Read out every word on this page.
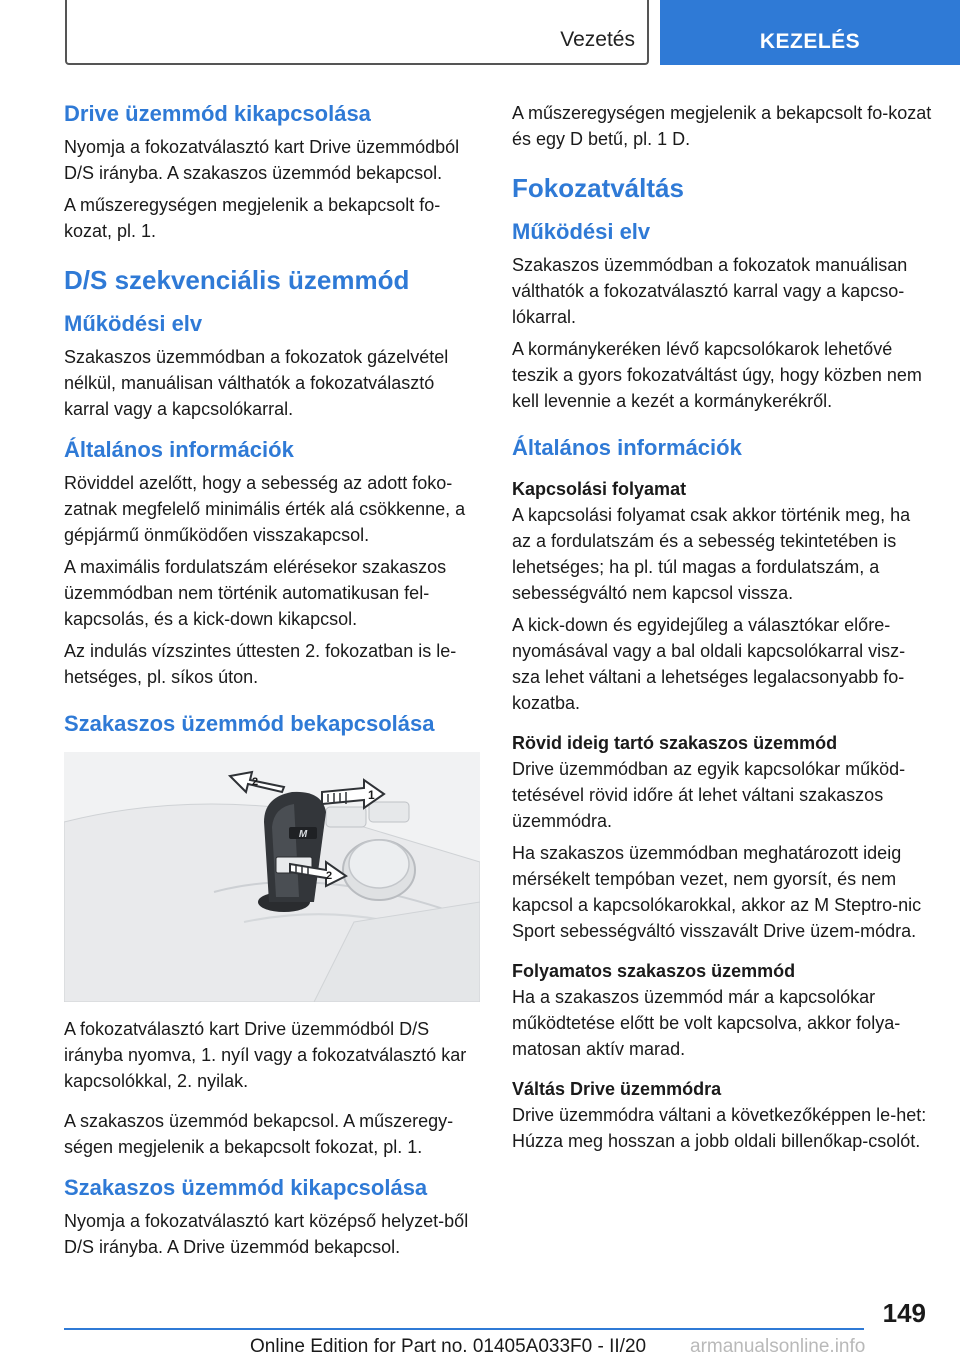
Vezetés	KEZELÉS
Drive üzemmód kikapcsolása

Nyomja a fokozatválasztó kart Drive üzemmódból D/S irányba. A szakaszos üzemmód bekapcsol.

A műszeregységen megjelenik a bekapcsolt fo-kozat, pl. 1.

D/S szekvenciális üzemmód
Működési elv

Szakaszos üzemmódban a fokozatok gázelvétel nélkül, manuálisan válthatók a fokozatválasztó karral vagy a kapcsolókarral.

Általános információk

Röviddel azelőtt, hogy a sebesség az adott foko-zatnak megfelelő minimális érték alá csökkenne, a gépjármű önműködően visszakapcsol.

A maximális fordulatszám elérésekor szakaszos üzemmódban nem történik automatikusan fel-kapcsolás, és a kick-down kikapcsol.

Az indulás vízszintes úttesten 2. fokozatban is le-hetséges, pl. síkos úton.

Szakaszos üzemmód bekapcsolása
M
1
2
2

A fokozatválasztó kart Drive üzemmódból D/S irányba nyomva, 1. nyíl vagy a fokozatválasztó kar kapcsolókkal, 2. nyilak.

A szakaszos üzemmód bekapcsol. A műszeregy-ségen megjelenik a bekapcsolt fokozat, pl. 1.

Szakaszos üzemmód kikapcsolása

Nyomja a fokozatválasztó kart középső helyzet-ből D/S irányba. A Drive üzemmód bekapcsol.

A műszeregységen megjelenik a bekapcsolt fo-kozat és egy D betű, pl. 1 D.

Fokozatváltás
Működési elv

Szakaszos üzemmódban a fokozatok manuálisan válthatók a fokozatválasztó karral vagy a kapcso-lókarral.

A kormánykeréken lévő kapcsolókarok lehetővé teszik a gyors fokozatváltást úgy, hogy közben nem kell levennie a kezét a kormánykerékről.

Általános információk
Kapcsolási folyamat

A kapcsolási folyamat csak akkor történik meg, ha az a fordulatszám és a sebesség tekintetében is lehetséges; ha pl. túl magas a fordulatszám, a sebességváltó nem kapcsol vissza.

A kick-down és egyidejűleg a választókar előre-nyomásával vagy a bal oldali kapcsolókarral visz-sza lehet váltani a lehetséges legalacsonyabb fo-kozatba.

Rövid ideig tartó szakaszos üzemmód

Drive üzemmódban az egyik kapcsolókar működ-tetésével rövid időre át lehet váltani szakaszos üzemmódra.

Ha szakaszos üzemmódban meghatározott ideig mérsékelt tempóban vezet, nem gyorsít, és nem kapcsol a kapcsolókarokkal, akkor az M Steptro-nic Sport sebességváltó visszavált Drive üzem-módra.

Folyamatos szakaszos üzemmód

Ha a szakaszos üzemmód már a kapcsolókar működtetése előtt be volt kapcsolva, akkor folya-matosan aktív marad.

Váltás Drive üzemmódra

Drive üzemmódra váltani a következőképpen le-het: Húzza meg hosszan a jobb oldali billenőkap-csolót.

149
Online Edition for Part no. 01405A033F0 - II/20 armanualsonline.info
